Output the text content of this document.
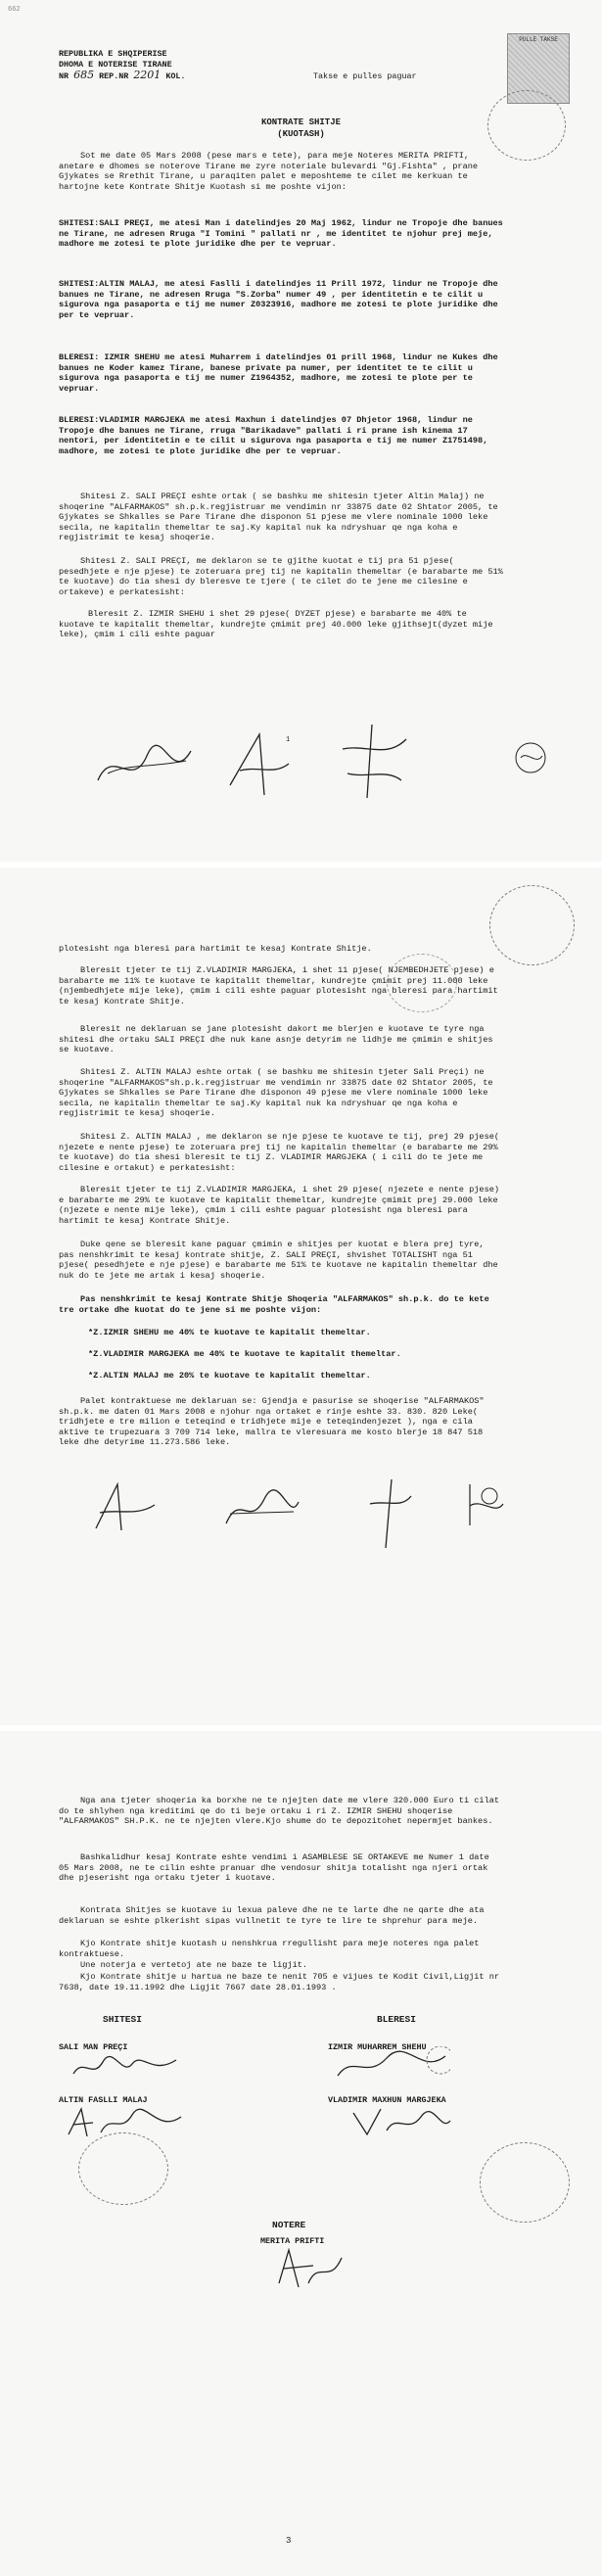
662
REPUBLIKA E SHQIPERISE
DHOMA E NOTERISE TIRANE
NR 685 REP.NR 2201 KOL.	Takse e pulles paguar
PULLE TAKSE
KONTRATE SHITJE
(KUOTASH)
Sot me date 05 Mars 2008 (pese mars e tete), para meje Noteres MERITA PRIFTI, anetare e dhomes se noterove Tirane me zyre noteriale bulevardi "Gj.Fishta" , prane Gjykates se Rrethit Tirane, u paraqiten palet e meposhteme te cilet me kerkuan te hartojne kete Kontrate Shitje Kuotash si me poshte vijon:
SHITESI:SALI PREÇI, me atesi Man i datelindjes 20 Maj 1962, lindur ne Tropoje dhe banues ne Tirane, ne adresen Rruga "I Tomini " pallati nr , me identitet te njohur prej meje, madhore me zotesi te plote juridike dhe per te vepruar.
SHITESI:ALTIN MALAJ, me atesi Faslli i datelindjes 11 Prill 1972, lindur ne Tropoje dhe banues ne Tirane, ne adresen Rruga "S.Zorba" numer 49 , per identitetin e te cilit u sigurova nga pasaporta e tij me numer Z0323916, madhore me zotesi te plote juridike dhe per te vepruar.
BLERESI: IZMIR SHEHU me atesi Muharrem i datelindjes 01 prill 1968, lindur ne Kukes dhe banues ne Koder kamez Tirane, banese private pa numer, per identitet te te cilit u sigurova nga pasaporta e tij me numer Z1964352, madhore, me zotesi te plote per te vepruar.
BLERESI:VLADIMIR MARGJEKA me atesi Maxhun i datelindjes 07 Dhjetor 1968, lindur ne Tropoje dhe banues ne Tirane, rruga "Barikadave" pallati i ri prane ish kinema 17 nentori, per identitetin e te cilit u sigurova nga pasaporta e tij me numer Z1751498, madhore, me zotesi te plote juridike dhe per te vepruar.
Shitesi Z. SALI PREÇI eshte ortak ( se bashku me shitesin tjeter Altin Malaj) ne shoqerine "ALFARMAKOS" sh.p.k.regjistruar me vendimin nr 33875 date 02 Shtator 2005, te Gjykates se Shkalles se Pare Tirane dhe disponon 51 pjese me vlere nominale 1000 leke secila, ne kapitalin themeltar te saj.Ky kapital nuk ka ndryshuar qe nga koha e regjistrimit te kesaj shoqerie.
Shitesi Z. SALI PREÇI, me deklaron se te gjithe kuotat e tij pra 51 pjese( pesedhjete e nje pjese) te zoteruara prej tij ne kapitalin themeltar (e barabarte me 51% te kuotave) do tia shesi dy bleresve te tjere ( te cilet do te jene me cilesine e ortakeve) e perkatesisht:
Bleresit Z. IZMIR SHEHU i shet 29 pjese( DYZET pjese) e barabarte me 40% te kuotave te kapitalit themeltar, kundrejte çmimit prej 40.000 leke gjithsejt(dyzet mije leke), çmim i cili eshte paguar
1
plotesisht nga bleresi para hartimit te kesaj Kontrate Shitje.
Bleresit tjeter te tij Z.VLADIMIR MARGJEKA, i shet 11 pjese( NJEMBEDHJETE pjese) e barabarte me 11% te kuotave te kapitalit themeltar, kundrejte çmimit prej 11.000 leke (njembedhjete mije leke), çmim i cili eshte paguar plotesisht nga bleresi para hartimit te kesaj Kontrate Shitje.
Bleresit ne deklaruan se jane plotesisht dakort me blerjen e kuotave te tyre nga shitesi dhe ortaku SALI PREÇI dhe nuk kane asnje detyrim ne lidhje me çmimin e shitjes se kuotave.
Shitesi Z. ALTIN MALAJ eshte ortak ( se bashku me shitesin tjeter Sali Preçi) ne shoqerine "ALFARMAKOS"sh.p.k.regjistruar me vendimin nr 33875 date 02 Shtator 2005, te Gjykates se Shkalles se Pare Tirane dhe disponon 49 pjese me vlere nominale 1000 leke secila, ne kapitalin themeltar te saj.Ky kapital nuk ka ndryshuar qe nga koha e regjistrimit te kesaj shoqerie.
Shitesi Z. ALTIN MALAJ , me deklaron se nje pjese te kuotave te tij, prej 29 pjese( njezete e nente pjese) te zoteruara prej tij ne kapitalin themeltar (e barabarte me 29% te kuotave) do tia shesi bleresit te tij Z. VLADIMIR MARGJEKA ( i cili do te jete me cilesine e ortakut) e perkatesisht:
Bleresit tjeter te tij Z.VLADIMIR MARGJEKA, i shet 29 pjese( njezete e nente pjese) e barabarte me 29% te kuotave te kapitalit themeltar, kundrejte çmimit prej 29.000 leke (njezete e nente mije leke), çmim i cili eshte paguar plotesisht nga bleresi para hartimit te kesaj Kontrate Shitje.
Duke qene se bleresit kane paguar çmimin e shitjes per kuotat e blera prej tyre, pas nenshkrimit te kesaj kontrate shitje, Z. SALI PREÇI, shvishet TOTALISHT nga 51 pjese( pesedhjete e nje pjese) e barabarte me 51% te kuotave ne kapitalin themeltar dhe nuk do te jete me artak i kesaj shoqerie.
Pas nenshkrimit te kesaj Kontrate Shitje Shoqeria "ALFARMAKOS" sh.p.k. do te kete tre ortake dhe kuotat do te jene si me poshte vijon:
*Z.IZMIR SHEHU me 40% te kuotave te kapitalit themeltar.
*Z.VLADIMIR MARGJEKA me 40% te kuotave te kapitalit themeltar.
*Z.ALTIN MALAJ me 20% te kuotave te kapitalit themeltar.
Palet kontraktuese me deklaruan se: Gjendja e pasurise se shoqerise "ALFARMAKOS" sh.p.k. me daten 01 Mars 2008 e njohur nga ortaket e rinje eshte 33. 830. 820 Leke( tridhjete e tre milion e teteqind e tridhjete mije e teteqindenjezet ), nga e cila aktive te trupezuara 3 709 714 leke, mallra te vleresuara me kosto blerje 18 847 518 leke dhe detyrime 11.273.586 leke.
Nga ana tjeter shoqeria ka borxhe ne te njejten date me vlere 320.000 Euro ti cilat do te shlyhen nga kreditimi qe do ti beje ortaku i ri Z. IZMIR SHEHU shoqerise "ALFARMAKOS" SH.P.K. ne te njejten vlere.Kjo shume do te depozitohet nepermjet bankes.
Bashkalidhur kesaj Kontrate eshte vendimi i ASAMBLESE SE ORTAKEVE me Numer 1 date 05 Mars 2008, ne te cilin eshte pranuar dhe vendosur shitja totalisht nga njeri ortak dhe pjeserisht nga ortaku tjeter i kuotave.
Kontrata Shitjes se kuotave iu lexua paleve dhe ne te larte dhe ne qarte dhe ata deklaruan se eshte plkerisht sipas vullnetit te tyre te lire te shprehur para meje.
Kjo Kontrate shitje kuotash u nenshkrua rregullisht para meje noteres nga palet kontraktuese.
Une noterja e vertetoj ate ne baze te ligjit.
Kjo Kontrate shitje u hartua ne baze te nenit 705 e vijues te Kodit Civil,Ligjit nr 7638, date 19.11.1992 dhe Ligjit 7667 date 28.01.1993 .
SHITESI	BLERESI
SALI MAN PREÇI	IZMIR MUHARREM SHEHU
ALTIN FASLLI MALAJ	VLADIMIR MAXHUN MARGJEKA
NOTERE
MERITA PRIFTI
3
